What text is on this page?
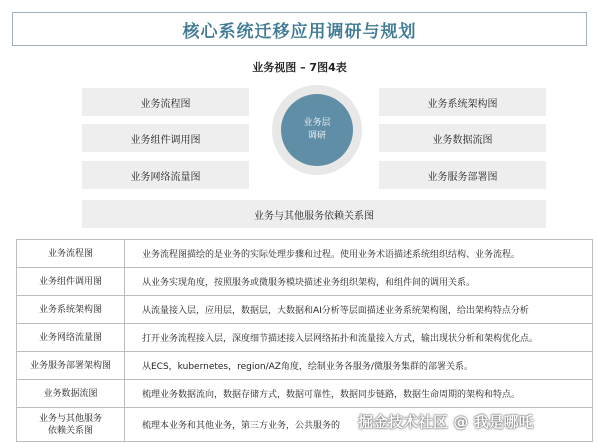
核心系统迁移应用调研与规划
业务视图 – 7图4表
业务流程图
业务组件调用图
业务网络流量图
业务系统架构图
业务数据流图
业务服务部署图
业务与其他服务依赖关系图
业务层
调研
业务流程图	业务流程图描绘的是业务的实际处理步骤和过程。使用业务术语描述系统组织结构、业务流程。
业务组件调用图	从业务实现角度，按照服务或微服务模块描述业务组织架构，和组件间的调用关系。
业务系统架构图	从流量接入层，应用层，数据层，大数据和AI分析等层面描述业务系统架构图，给出架构特点分析
业务网络流量图	打开业务流程接入层，深度细节描述接入层网络拓扑和流量接入方式，输出现状分析和架构优化点。
业务服务部署架构图	从ECS，kubernetes，region/AZ角度，绘制业务各服务/微服务集群的部署关系。
业务数据流图	梳理业务数据流向，数据存储方式，数据可靠性，数据同步链路，数据生命周期的架构和特点。

业务与其他服务
依赖关系图	梳理本业务和其他业务，第三方业务，公共服务的 掘金技术社区 @ 我是哪吒
